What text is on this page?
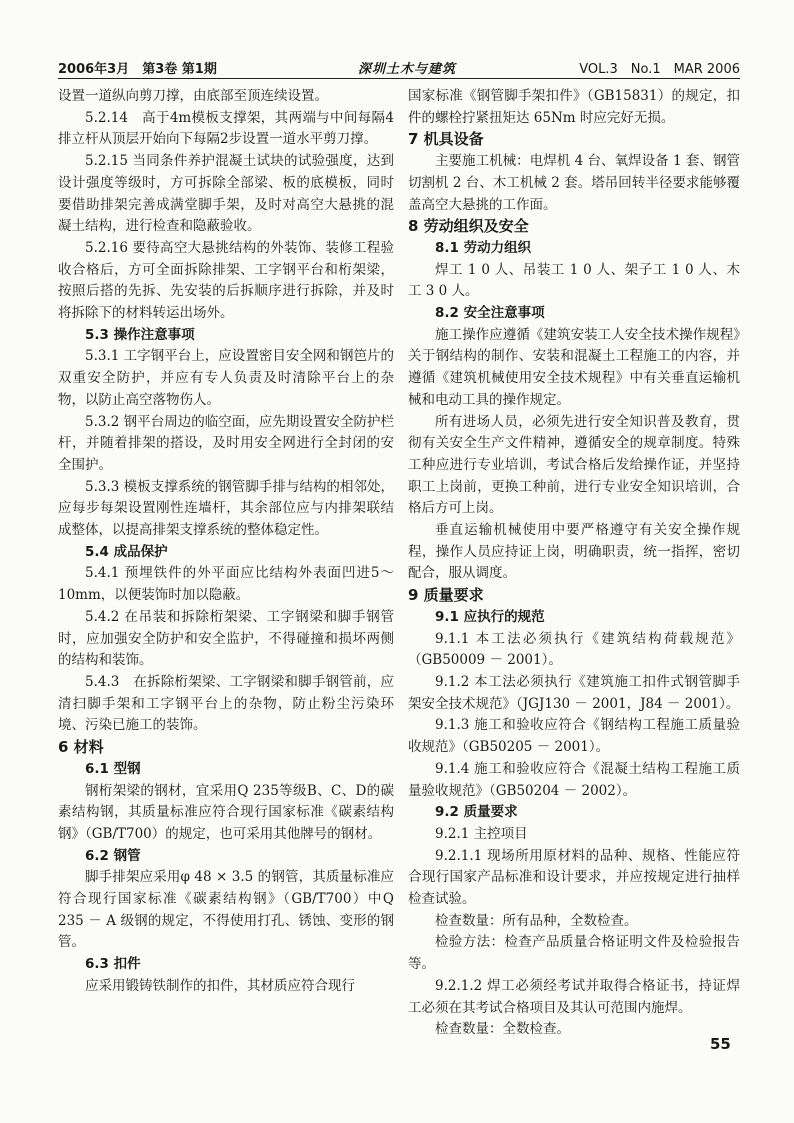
2006年3月　第3卷 第1期	深圳土木与建筑	VOL.3　No.1　MAR 2006

设置一道纵向剪刀撑，由底部至顶连续设置。

5.2.14　高于4m模板支撑架，其两端与中间每隔4排立杆从顶层开始向下每隔2步设置一道水平剪刀撑。

5.2.15 当同条件养护混凝土试块的试验强度，达到设计强度等级时，方可拆除全部梁、板的底模板，同时要借助排架完善成满堂脚手架，及时对高空大悬挑的混凝土结构，进行检查和隐蔽验收。

5.2.16 要待高空大悬挑结构的外装饰、装修工程验收合格后，方可全面拆除排架、工字钢平台和桁架梁，按照后搭的先拆、先安装的后拆顺序进行拆除，并及时将拆除下的材料转运出场外。

5.3 操作注意事项

5.3.1 工字钢平台上，应设置密目安全网和钢笆片的双重安全防护，并应有专人负责及时清除平台上的杂物，以防止高空落物伤人。

5.3.2 钢平台周边的临空面，应先期设置安全防护栏杆，并随着排架的搭设，及时用安全网进行全封闭的安全围护。

5.3.3 模板支撑系统的钢管脚手排与结构的相邻处，应每步每架设置刚性连墙杆，其余部位应与内排架联结成整体，以提高排架支撑系统的整体稳定性。

5.4 成品保护

5.4.1 预埋铁件的外平面应比结构外表面凹进5～10mm，以便装饰时加以隐蔽。

5.4.2 在吊装和拆除桁架梁、工字钢梁和脚手钢管时，应加强安全防护和安全监护，不得碰撞和损坏两侧的结构和装饰。

5.4.3　在拆除桁架梁、工字钢梁和脚手钢管前，应清扫脚手架和工字钢平台上的杂物，防止粉尘污染环境、污染已施工的装饰。

6 材料

6.1 型钢

钢桁架梁的钢材，宜采用Q 235等级B、C、D的碳素结构钢，其质量标准应符合现行国家标准《碳素结构钢》（GB/T700）的规定，也可采用其他牌号的钢材。

6.2 钢管

脚手排架应采用φ 48 × 3.5 的钢管，其质量标准应符合现行国家标准《碳素结构钢》（GB/T700）中Q 235 － A 级钢的规定，不得使用打孔、锈蚀、变形的钢管。

6.3 扣件

应采用锻铸铁制作的扣件，其材质应符合现行

国家标准《钢管脚手架扣件》（GB15831）的规定，扣件的螺栓拧紧扭矩达 65Nm 时应完好无损。

7 机具设备

主要施工机械：电焊机 4 台、氧焊设备 1 套、钢管切割机 2 台、木工机械 2 套。塔吊回转半径要求能够覆盖高空大悬挑的工作面。

8 劳动组织及安全

8.1 劳动力组织

焊工 1 0 人、吊装工 1 0 人、架子工 1 0 人、木工 3 0 人。

8.2 安全注意事项

施工操作应遵循《建筑安装工人安全技术操作规程》关于钢结构的制作、安装和混凝土工程施工的内容，并遵循《建筑机械使用安全技术规程》中有关垂直运输机械和电动工具的操作规定。

所有进场人员，必须先进行安全知识普及教育，贯彻有关安全生产文件精神，遵循安全的规章制度。特殊工种应进行专业培训，考试合格后发给操作证，并坚持职工上岗前，更换工种前，进行专业安全知识培训，合格后方可上岗。

垂直运输机械使用中要严格遵守有关安全操作规程，操作人员应持证上岗，明确职责，统一指挥，密切配合，服从调度。

9 质量要求

9.1 应执行的规范

9.1.1 本工法必须执行《建筑结构荷载规范》（GB50009 － 2001）。

9.1.2 本工法必须执行《建筑施工扣件式钢管脚手架安全技术规范》（JGJ130 － 2001，J84 － 2001）。

9.1.3 施工和验收应符合《钢结构工程施工质量验收规范》（GB50205 － 2001）。

9.1.4 施工和验收应符合《混凝土结构工程施工质量验收规范》（GB50204 － 2002）。

9.2 质量要求

9.2.1 主控项目

9.2.1.1 现场所用原材料的品种、规格、性能应符合现行国家产品标准和设计要求，并应按规定进行抽样检查试验。

检查数量：所有品种，全数检查。

检验方法：检查产品质量合格证明文件及检验报告等。

9.2.1.2 焊工必须经考试并取得合格证书，持证焊工必须在其考试合格项目及其认可范围内施焊。

检查数量：全数检查。

55
